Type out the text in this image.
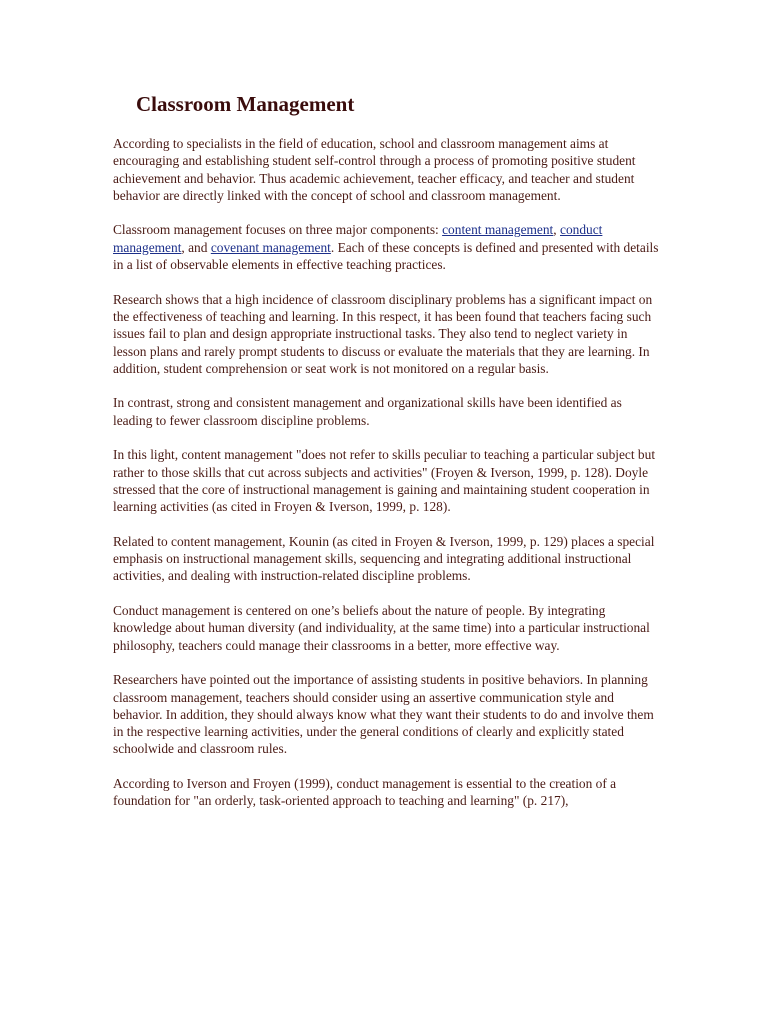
Classroom Management

According to specialists in the field of education, school and classroom management aims at encouraging and establishing student self-control through a process of promoting positive student achievement and behavior. Thus academic achievement, teacher efficacy, and teacher and student behavior are directly linked with the concept of school and classroom management.

Classroom management focuses on three major components: content management, conduct management, and covenant management. Each of these concepts is defined and presented with details in a list of observable elements in effective teaching practices.

Research shows that a high incidence of classroom disciplinary problems has a significant impact on the effectiveness of teaching and learning. In this respect, it has been found that teachers facing such issues fail to plan and design appropriate instructional tasks. They also tend to neglect variety in lesson plans and rarely prompt students to discuss or evaluate the materials that they are learning. In addition, student comprehension or seat work is not monitored on a regular basis.

In contrast, strong and consistent management and organizational skills have been identified as leading to fewer classroom discipline problems.

In this light, content management "does not refer to skills peculiar to teaching a particular subject but rather to those skills that cut across subjects and activities" (Froyen & Iverson, 1999, p. 128). Doyle stressed that the core of instructional management is gaining and maintaining student cooperation in learning activities (as cited in Froyen & Iverson, 1999, p. 128).

Related to content management, Kounin (as cited in Froyen & Iverson, 1999, p. 129) places a special emphasis on instructional management skills, sequencing and integrating additional instructional activities, and dealing with instruction-related discipline problems.

Conduct management is centered on one’s beliefs about the nature of people. By integrating knowledge about human diversity (and individuality, at the same time) into a particular instructional philosophy, teachers could manage their classrooms in a better, more effective way.

Researchers have pointed out the importance of assisting students in positive behaviors. In planning classroom management, teachers should consider using an assertive communication style and behavior. In addition, they should always know what they want their students to do and involve them in the respective learning activities, under the general conditions of clearly and explicitly stated schoolwide and classroom rules.

According to Iverson and Froyen (1999), conduct management is essential to the creation of a foundation for "an orderly, task-oriented approach to teaching and learning" (p. 217),
